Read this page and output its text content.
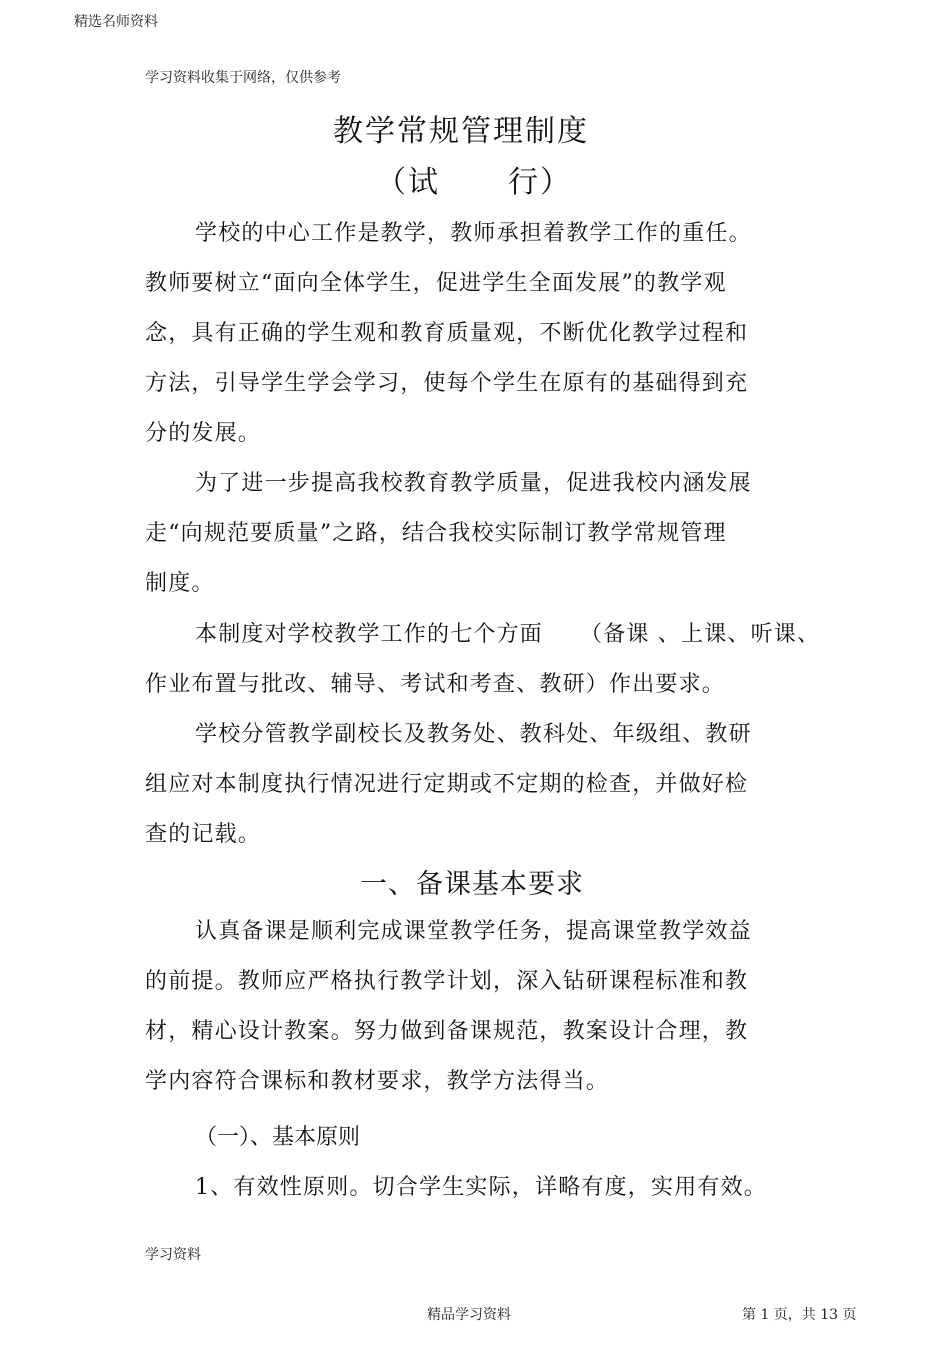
精选名师资料
学习资料收集于网络，仅供参考
教学常规管理制度
（试 行）
学校的中心工作是教学，教师承担着教学工作的重任。
教师要树立“面向全体学生，促进学生全面发展”的教学观
念，具有正确的学生观和教育质量观，不断优化教学过程和
方法，引导学生学会学习，使每个学生在原有的基础得到充
分的发展。
为了进一步提高我校教育教学质量，促进我校内涵发展
走“向规范要质量”之路，结合我校实际制订教学常规管理
制度。
本制度对学校教学工作的七个方面 （备课 、上课、听课、
作业布置与批改、辅导、考试和考查、教研）作出要求。
学校分管教学副校长及教务处、教科处、年级组、教研
组应对本制度执行情况进行定期或不定期的检查，并做好检
查的记载。
一、备课基本要求
认真备课是顺利完成课堂教学任务，提高课堂教学效益
的前提。教师应严格执行教学计划，深入钻研课程标准和教
材，精心设计教案。努力做到备课规范，教案设计合理，教
学内容符合课标和教材要求，教学方法得当。
（一）、基本原则
1、有效性原则。切合学生实际，详略有度，实用有效。
学习资料
精品学习资料	第 1 页，共 13 页
